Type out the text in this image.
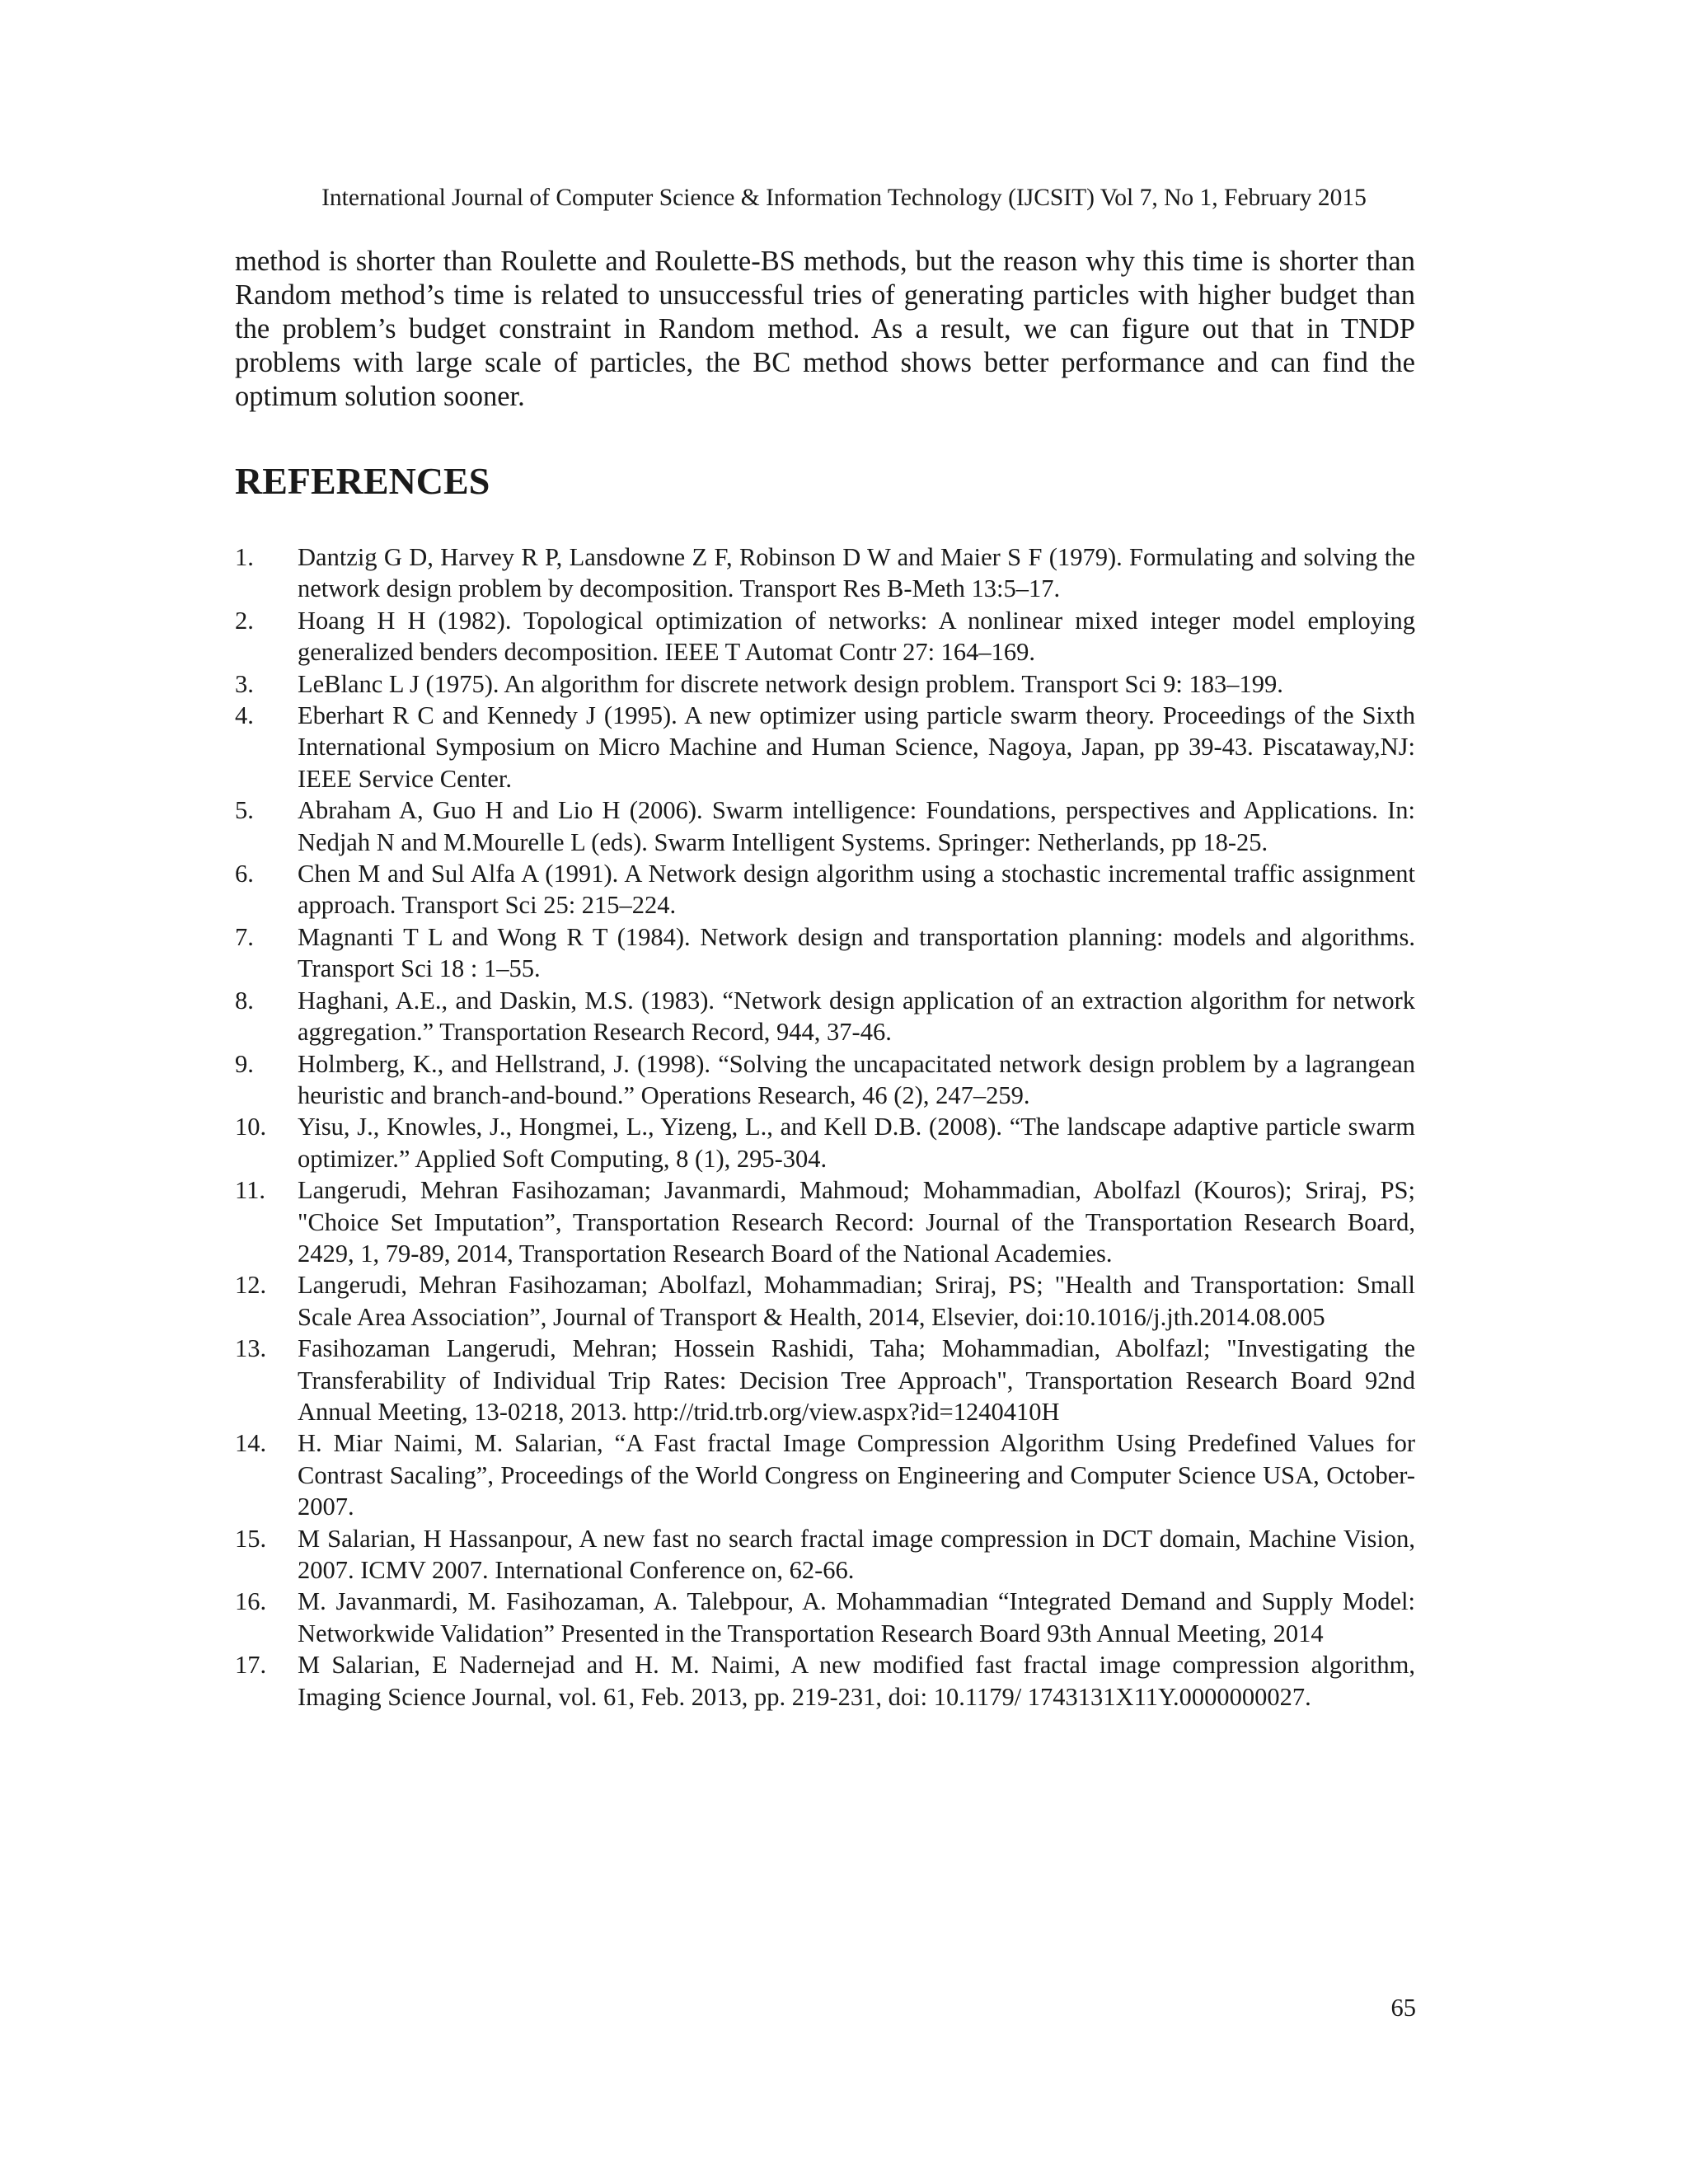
International Journal of Computer Science & Information Technology (IJCSIT) Vol 7, No 1, February 2015

method is shorter than Roulette and Roulette-BS methods, but the reason why this time is shorter than Random method’s time is related to unsuccessful tries of generating particles with higher budget than the problem’s budget constraint in Random method. As a result, we can figure out that in TNDP problems with large scale of particles, the BC method shows better performance and can find the optimum solution sooner.

REFERENCES
1. Dantzig G D, Harvey R P, Lansdowne Z F, Robinson D W and Maier S F (1979). Formulating and solving the network design problem by decomposition. Transport Res B-Meth 13:5–17.
2. Hoang H H (1982). Topological optimization of networks: A nonlinear mixed integer model employing generalized benders decomposition. IEEE T Automat Contr 27: 164–169.
3. LeBlanc L J (1975). An algorithm for discrete network design problem. Transport Sci 9: 183–199.
4. Eberhart R C and Kennedy J (1995). A new optimizer using particle swarm theory. Proceedings of the Sixth International Symposium on Micro Machine and Human Science, Nagoya, Japan, pp 39-43. Piscataway,NJ: IEEE Service Center.
5. Abraham A, Guo H and Lio H (2006). Swarm intelligence: Foundations, perspectives and Applications. In: Nedjah N and M.Mourelle L (eds). Swarm Intelligent Systems. Springer: Netherlands, pp 18-25.
6. Chen M and Sul Alfa A (1991). A Network design algorithm using a stochastic incremental traffic assignment approach. Transport Sci 25: 215–224.
7. Magnanti T L and Wong R T (1984). Network design and transportation planning: models and algorithms. Transport Sci 18 : 1–55.
8. Haghani, A.E., and Daskin, M.S. (1983). “Network design application of an extraction algorithm for network aggregation.” Transportation Research Record, 944, 37-46.
9. Holmberg, K., and Hellstrand, J. (1998). “Solving the uncapacitated network design problem by a lagrangean heuristic and branch-and-bound.” Operations Research, 46 (2), 247–259.
10. Yisu, J., Knowles, J., Hongmei, L., Yizeng, L., and Kell D.B. (2008). “The landscape adaptive particle swarm optimizer.” Applied Soft Computing, 8 (1), 295-304.
11. Langerudi, Mehran Fasihozaman; Javanmardi, Mahmoud; Mohammadian, Abolfazl (Kouros); Sriraj, PS; "Choice Set Imputation”, Transportation Research Record: Journal of the Transportation Research Board, 2429, 1, 79-89, 2014, Transportation Research Board of the National Academies.
12. Langerudi, Mehran Fasihozaman; Abolfazl, Mohammadian; Sriraj, PS; "Health and Transportation: Small Scale Area Association”, Journal of Transport & Health, 2014, Elsevier, doi:10.1016/j.jth.2014.08.005
13. Fasihozaman Langerudi, Mehran; Hossein Rashidi, Taha; Mohammadian, Abolfazl; "Investigating the Transferability of Individual Trip Rates: Decision Tree Approach", Transportation Research Board 92nd Annual Meeting, 13-0218, 2013. http://trid.trb.org/view.aspx?id=1240410H
14. H. Miar Naimi, M. Salarian, “A Fast fractal Image Compression Algorithm Using Predefined Values for Contrast Sacaling”, Proceedings of the World Congress on Engineering and Computer Science USA, October-2007.
15. M Salarian, H Hassanpour, A new fast no search fractal image compression in DCT domain, Machine Vision, 2007. ICMV 2007. International Conference on, 62-66.
16. M. Javanmardi, M. Fasihozaman, A. Talebpour, A. Mohammadian “Integrated Demand and Supply Model: Networkwide Validation” Presented in the Transportation Research Board 93th Annual Meeting, 2014
17. M Salarian, E Nadernejad and H. M. Naimi, A new modified fast fractal image compression algorithm, Imaging Science Journal, vol. 61, Feb. 2013, pp. 219-231, doi: 10.1179/ 1743131X11Y.0000000027.
65
